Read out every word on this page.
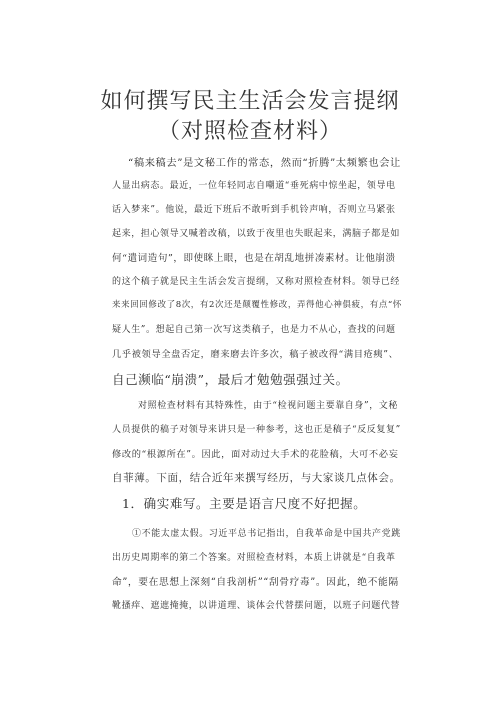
如何撰写民主生活会发言提纲
（对照检查材料）
“稿来稿去”是文秘工作的常态，然而“折腾”太频繁也会让
人显出病态。最近，一位年轻同志自嘲道“垂死病中惊坐起，领导电
话入梦来”。他说，最近下班后不敢听到手机铃声响，否则立马紧张
起来，担心领导又喊着改稿，以致于夜里也失眠起来，满脑子都是如
何“遣词造句”，即使眯上眼，也是在胡乱地拼凑素材。让他崩溃
的这个稿子就是民主生活会发言提纲，又称对照检查材料。领导已经
来来回回修改了8次，有2次还是颠覆性修改，弄得他心神俱疲，有点“怀
疑人生”。想起自己第一次写这类稿子，也是力不从心，查找的问题
几乎被领导全盘否定，磨来磨去许多次，稿子被改得“满目疮痍”、
自己濒临“崩溃”，最后才勉勉强强过关。
对照检查材料有其特殊性，由于“检视问题主要靠自身”，文秘
人员提供的稿子对领导来讲只是一种参考，这也正是稿子“反反复复”
修改的“根源所在”。因此，面对动过大手术的花脸稿，大可不必妄
自菲薄。下面，结合近年来撰写经历，与大家谈几点体会。
1．确实难写。主要是语言尺度不好把握。
①不能太虚太假。习近平总书记指出，自我革命是中国共产党跳
出历史周期率的第二个答案。对照检查材料，本质上讲就是“自我革
命”，要在思想上深刻“自我剖析”“刮骨疗毒”。因此，绝不能隔
靴搔痒、遮遮掩掩，以讲道理、谈体会代替摆问题，以班子问题代替
